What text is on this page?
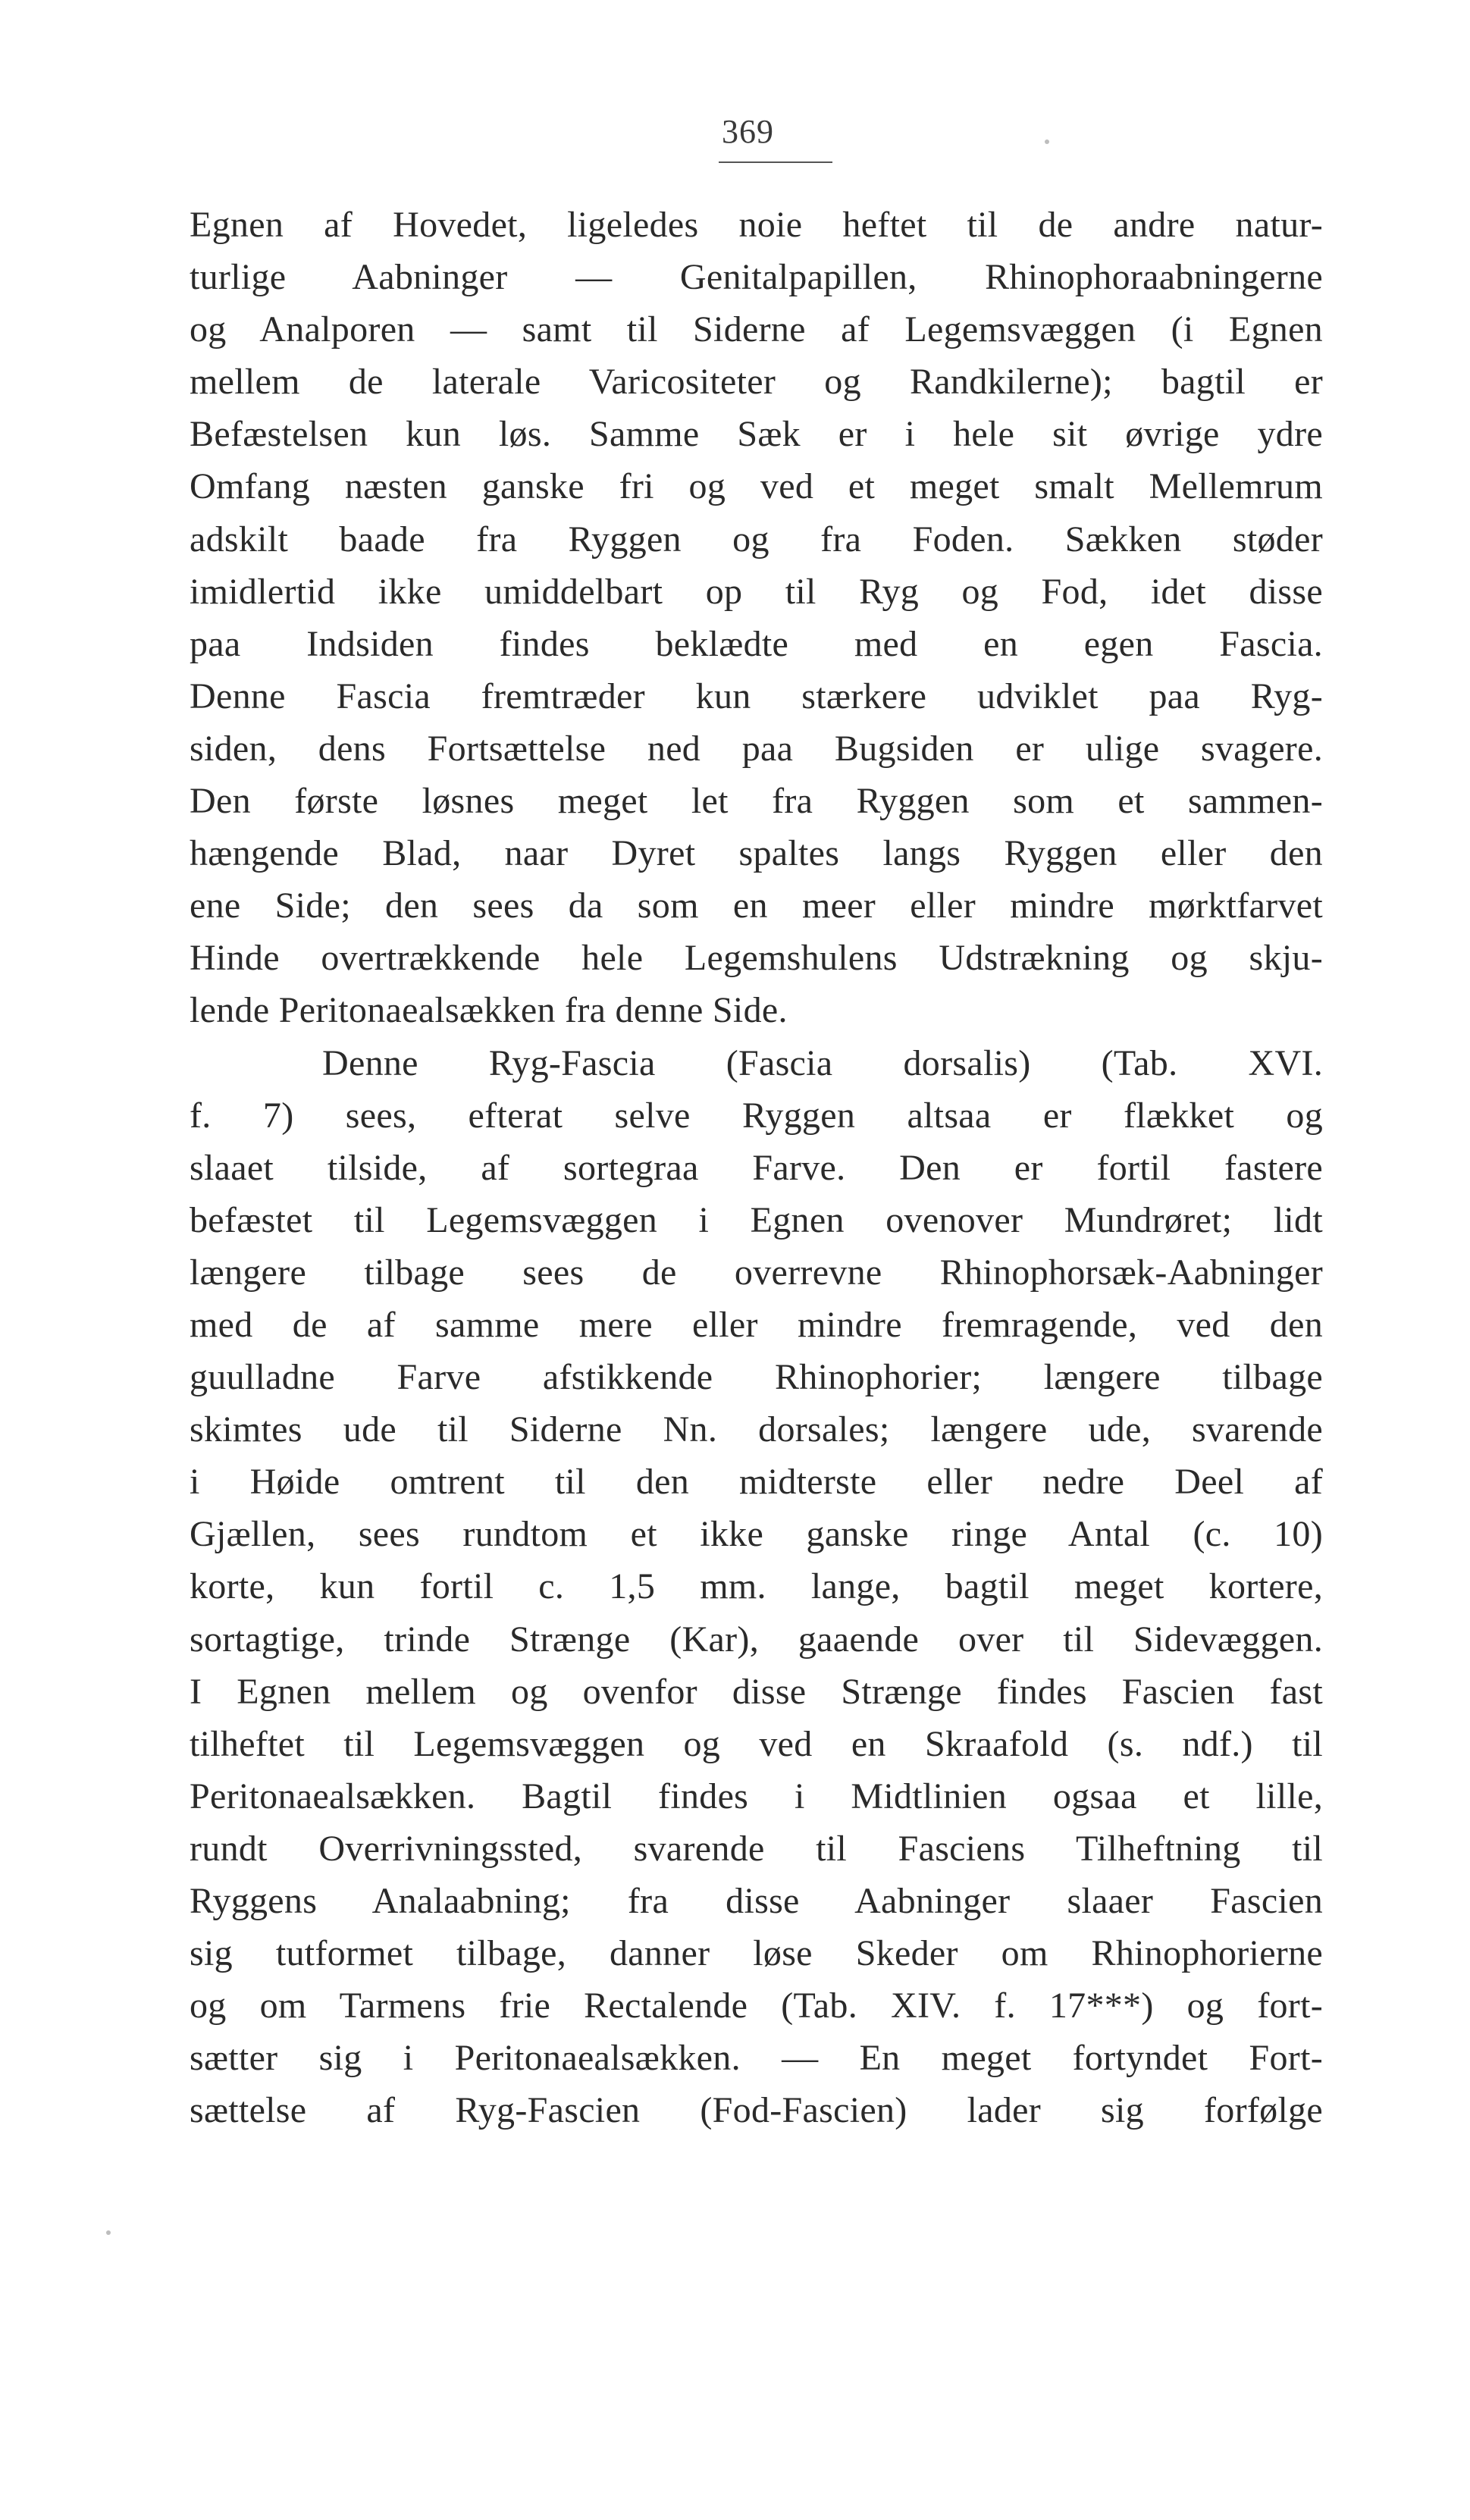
369
Egnen af Hovedet, ligeledes noie heftet til de andre natur-
turlige Aabninger — Genitalpapillen, Rhinophoraabningerne
og Analporen — samt til Siderne af Legemsvæggen (i Egnen
mellem de laterale Varicositeter og Randkilerne); bagtil er
Befæstelsen kun løs. Samme Sæk er i hele sit øvrige ydre
Omfang næsten ganske fri og ved et meget smalt Mellemrum
adskilt baade fra Ryggen og fra Foden. Sækken støder
imidlertid ikke umiddelbart op til Ryg og Fod, idet disse
paa Indsiden findes beklædte med en egen Fascia.
Denne Fascia fremtræder kun stærkere udviklet paa Ryg-
siden, dens Fortsættelse ned paa Bugsiden er ulige svagere.
Den første løsnes meget let fra Ryggen som et sammen-
hængende Blad, naar Dyret spaltes langs Ryggen eller den
ene Side; den sees da som en meer eller mindre mørktfarvet
Hinde overtrækkende hele Legemshulens Udstrækning og skju-
lende Peritonaealsækken fra denne Side.
Denne Ryg-Fascia (Fascia dorsalis) (Tab. XVI.
f. 7) sees, efterat selve Ryggen altsaa er flækket og
slaaet tilside, af sortegraa Farve. Den er fortil fastere
befæstet til Legemsvæggen i Egnen ovenover Mundrøret; lidt
længere tilbage sees de overrevne Rhinophorsæk-Aabninger
med de af samme mere eller mindre fremragende, ved den
guulladne Farve afstikkende Rhinophorier; længere tilbage
skimtes ude til Siderne Nn. dorsales; længere ude, svarende
i Høide omtrent til den midterste eller nedre Deel af
Gjællen, sees rundtom et ikke ganske ringe Antal (c. 10)
korte, kun fortil c. 1,5 mm. lange, bagtil meget kortere,
sortagtige, trinde Strænge (Kar), gaaende over til Sidevæggen.
I Egnen mellem og ovenfor disse Strænge findes Fascien fast
tilheftet til Legemsvæggen og ved en Skraafold (s. ndf.) til
Peritonaealsækken. Bagtil findes i Midtlinien ogsaa et lille,
rundt Overrivningssted, svarende til Fasciens Tilheftning til
Ryggens Analaabning; fra disse Aabninger slaaer Fascien
sig tutformet tilbage, danner løse Skeder om Rhinophorierne
og om Tarmens frie Rectalende (Tab. XIV. f. 17***) og fort-
sætter sig i Peritonaealsækken. — En meget fortyndet Fort-
sættelse af Ryg-Fascien (Fod-Fascien) lader sig forfølge
